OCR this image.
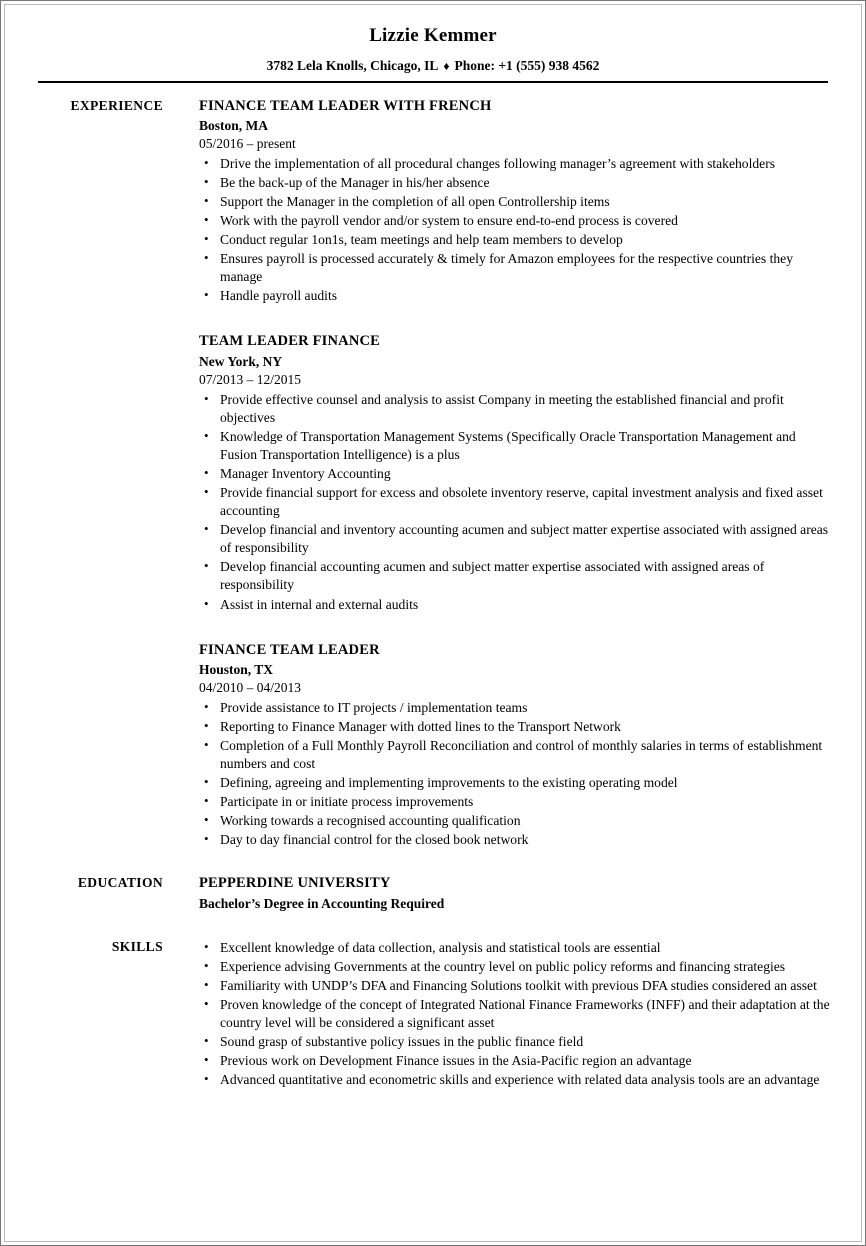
Lizzie Kemmer
3782 Lela Knolls, Chicago, IL ♦ Phone: +1 (555) 938 4562
EXPERIENCE FINANCE TEAM LEADER WITH FRENCH
Boston, MA
05/2016 – present
• Drive the implementation of all procedural changes following manager’s agreement with stakeholders
• Be the back-up of the Manager in his/her absence
• Support the Manager in the completion of all open Controllership items
• Work with the payroll vendor and/or system to ensure end-to-end process is covered
• Conduct regular 1on1s, team meetings and help team members to develop
• Ensures payroll is processed accurately & timely for Amazon employees for the respective countries they manage
• Handle payroll audits
TEAM LEADER FINANCE
New York, NY
07/2013 – 12/2015
• Provide effective counsel and analysis to assist Company in meeting the established financial and profit objectives
• Knowledge of Transportation Management Systems (Specifically Oracle Transportation Management and Fusion Transportation Intelligence) is a plus
• Manager Inventory Accounting
• Provide financial support for excess and obsolete inventory reserve, capital investment analysis and fixed asset accounting
• Develop financial and inventory accounting acumen and subject matter expertise associated with assigned areas of responsibility
• Develop financial accounting acumen and subject matter expertise associated with assigned areas of responsibility
• Assist in internal and external audits
FINANCE TEAM LEADER
Houston, TX
04/2010 – 04/2013
• Provide assistance to IT projects / implementation teams
• Reporting to Finance Manager with dotted lines to the Transport Network
• Completion of a Full Monthly Payroll Reconciliation and control of monthly salaries in terms of establishment numbers and cost
• Defining, agreeing and implementing improvements to the existing operating model
• Participate in or initiate process improvements
• Working towards a recognised accounting qualification
• Day to day financial control for the closed book network
EDUCATION PEPPERDINE UNIVERSITY
Bachelor’s Degree in Accounting Required
SKILLS	• Excellent knowledge of data collection, analysis and statistical tools are essential
• Experience advising Governments at the country level on public policy reforms and financing strategies
• Familiarity with UNDP’s DFA and Financing Solutions toolkit with previous DFA studies considered an asset
• Proven knowledge of the concept of Integrated National Finance Frameworks (INFF) and their adaptation at the country level will be considered a significant asset
• Sound grasp of substantive policy issues in the public finance field
• Previous work on Development Finance issues in the Asia-Pacific region an advantage
• Advanced quantitative and econometric skills and experience with related data analysis tools are an advantage
